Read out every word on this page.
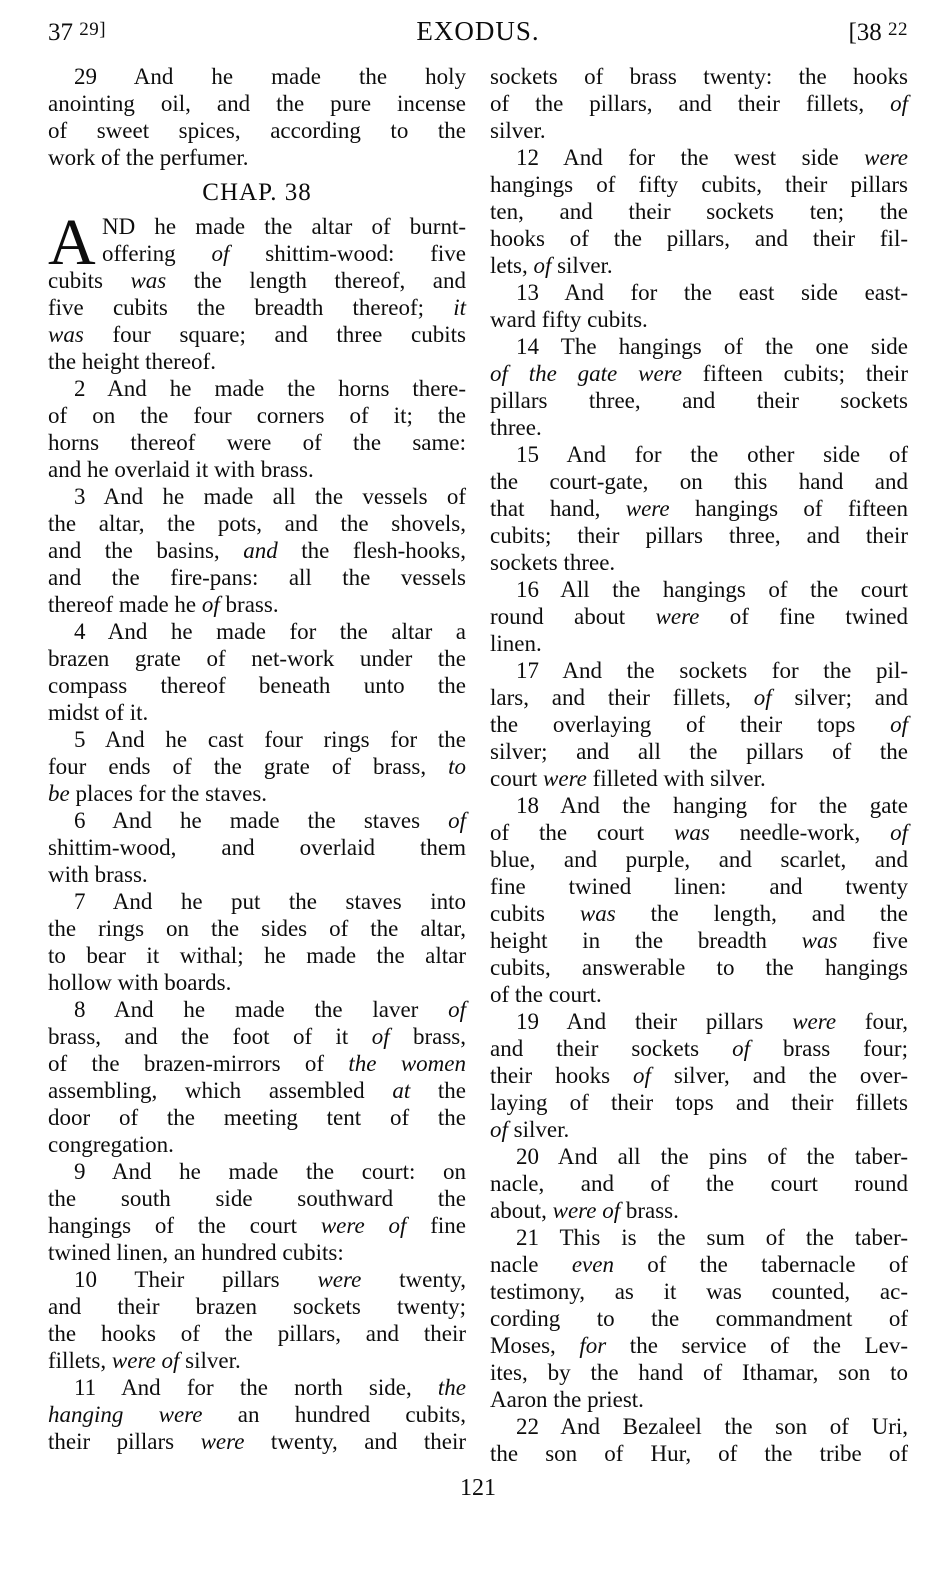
37 $^{29]}$	EXODUS.	[38 $^{22}$
29 And he made the holy
anointing oil, and the pure incense
of sweet spices, according to the
work of the perfumer.
CHAP. 38
A ND he made the altar of burnt-
offering of shittim-wood: five
cubits was the length thereof, and
five cubits the breadth thereof; it
was four square; and three cubits
the height thereof.
2 And he made the horns there-
of on the four corners of it; the
horns thereof were of the same:
and he overlaid it with brass.
3 And he made all the vessels of
the altar, the pots, and the shovels,
and the basins, and the flesh-hooks,
and the fire-pans: all the vessels
thereof made he of brass.
4 And he made for the altar a
brazen grate of net-work under the
compass thereof beneath unto the
midst of it.
5 And he cast four rings for the
four ends of the grate of brass, to
be places for the staves.
6 And he made the staves of
shittim-wood, and overlaid them
with brass.
7 And he put the staves into
the rings on the sides of the altar,
to bear it withal; he made the altar
hollow with boards.
8 And he made the laver of
brass, and the foot of it of brass,
of the brazen-mirrors of the women
assembling, which assembled at the
door of the meeting tent of the
congregation.
9 And he made the court: on
the south side southward the
hangings of the court were of fine
twined linen, an hundred cubits:
10 Their pillars were twenty,
and their brazen sockets twenty;
the hooks of the pillars, and their
fillets, were of silver.
11 And for the north side, the
hanging were an hundred cubits,
their pillars were twenty, and their
sockets of brass twenty: the hooks
of the pillars, and their fillets, of
silver.
12 And for the west side were
hangings of fifty cubits, their pillars
ten, and their sockets ten; the
hooks of the pillars, and their fil-
lets, of silver.
13 And for the east side east-
ward fifty cubits.
14 The hangings of the one side
of the gate were fifteen cubits; their
pillars three, and their sockets
three.
15 And for the other side of
the court-gate, on this hand and
that hand, were hangings of fifteen
cubits; their pillars three, and their
sockets three.
16 All the hangings of the court
round about were of fine twined
linen.
17 And the sockets for the pil-
lars, and their fillets, of silver; and
the overlaying of their tops of
silver; and all the pillars of the
court were filleted with silver.
18 And the hanging for the gate
of the court was needle-work, of
blue, and purple, and scarlet, and
fine twined linen: and twenty
cubits was the length, and the
height in the breadth was five
cubits, answerable to the hangings
of the court.
19 And their pillars were four,
and their sockets of brass four;
their hooks of silver, and the over-
laying of their tops and their fillets
of silver.
20 And all the pins of the taber-
nacle, and of the court round
about, were of brass.
21 This is the sum of the taber-
nacle even of the tabernacle of
testimony, as it was counted, ac-
cording to the commandment of
Moses, for the service of the Lev-
ites, by the hand of Ithamar, son to
Aaron the priest.
22 And Bezaleel the son of Uri,
the son of Hur, of the tribe of
121
